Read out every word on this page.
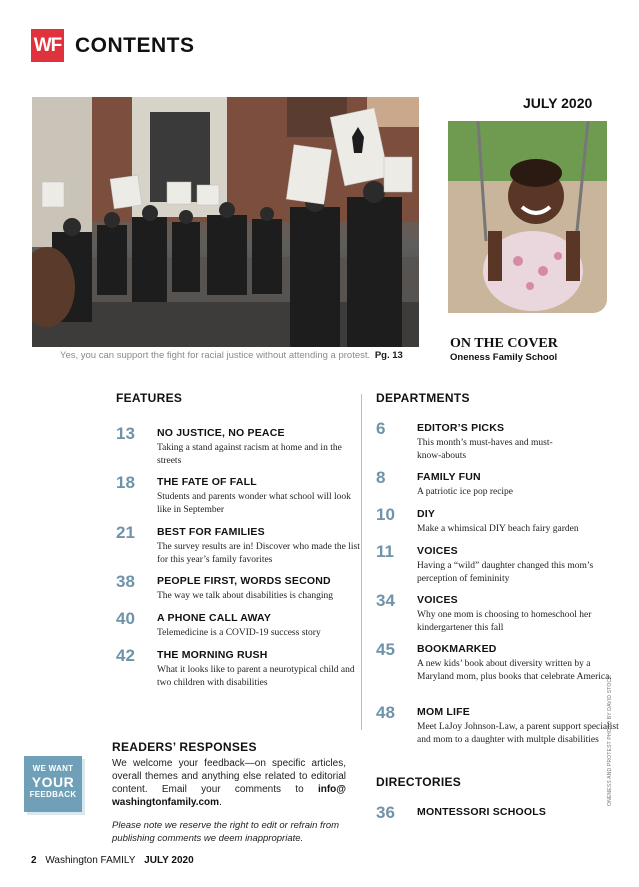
WF CONTENTS
JULY 2020
Yes, you can support the fight for racial justice without attending a protest. Pg. 13
ON THE COVER
Oneness Family School
FEATURES
13 NO JUSTICE, NO PEACE
Taking a stand against racism at home and in the streets
18 THE FATE OF FALL
Students and parents wonder what school will look like in September
21 BEST FOR FAMILIES
The survey results are in! Discover who made the list for this year’s family favorites
38 PEOPLE FIRST, WORDS SECOND
The way we talk about disabilities is changing
40 A PHONE CALL AWAY
Telemedicine is a COVID-19 success story
42 THE MORNING RUSH
What it looks like to parent a neurotypical child and two children with disabilities
DEPARTMENTS
6	EDITOR’S PICKS
This month’s must-haves and must-know-abouts
8	FAMILY FUN
A patriotic ice pop recipe
10 DIY
Make a whimsical DIY beach fairy garden
11 VOICES
Having a “wild” daughter changed this mom’s perception of femininity
34 VOICES
Why one mom is choosing to homeschool her kindergartener this fall
45 BOOKMARKED
A new kids’ book about diversity written by a Maryland mom, plus books that celebrate America.
48 MOM LIFE
Meet LaJoy Johnson-Law, a parent support specialist and mom to a daughter with multple disabilities
DIRECTORIES
36 MONTESSORI SCHOOLS
READERS’ RESPONSES
WE WANT
YOUR
FEEDBACK
We welcome your feedback—on specific articles, overall themes and anything else related to editorial content. Email your comments to info@ washingtonfamily.com.
Please note we reserve the right to edit or refrain from publishing comments we deem inappropriate.
2 Washington FAMILY JULY 2020
ONENESS AND PROTEST PHOTO BY DAVID STOCK
